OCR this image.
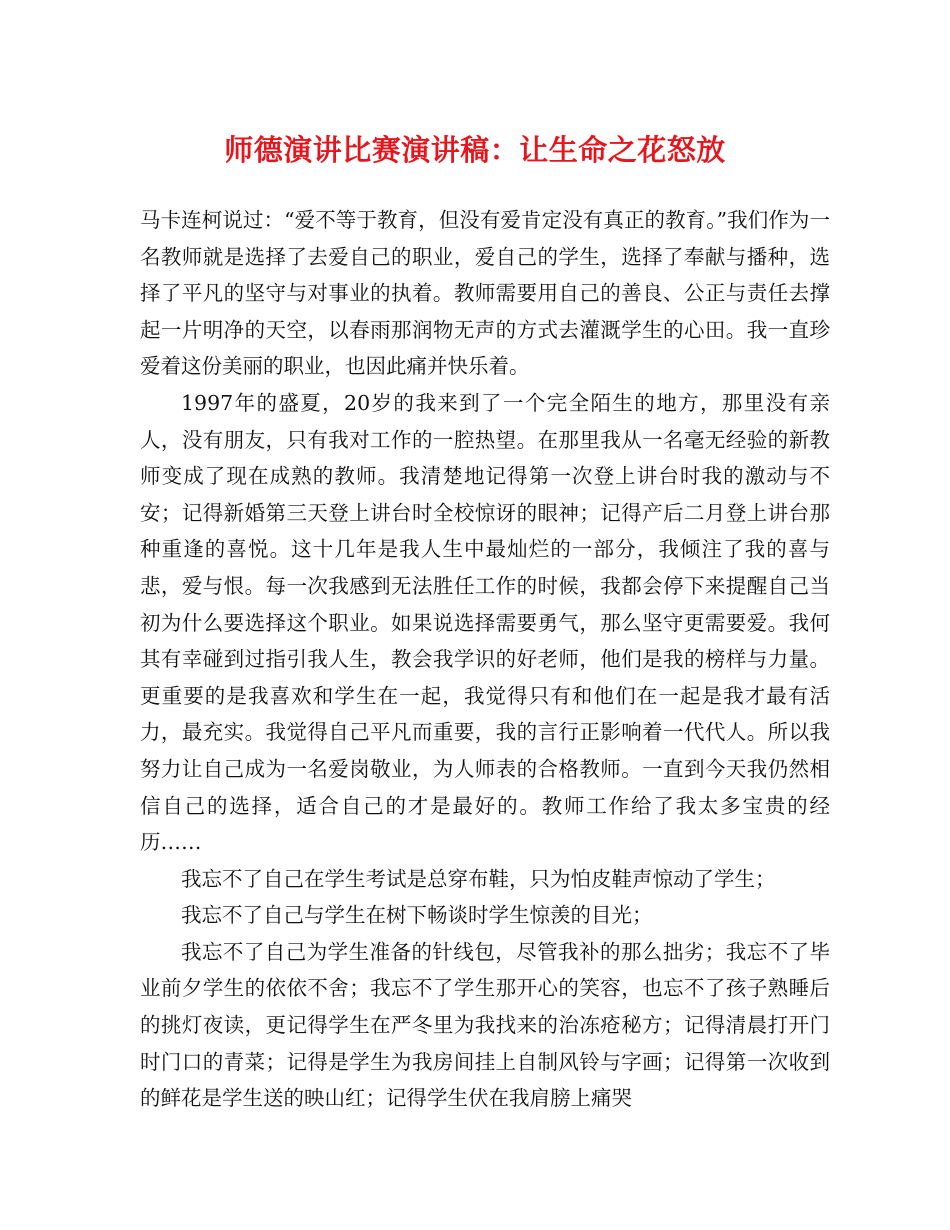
师德演讲比赛演讲稿：让生命之花怒放

马卡连柯说过：“爱不等于教育，但没有爱肯定没有真正的教育。”我们作为一名教师就是选择了去爱自己的职业，爱自己的学生，选择了奉献与播种，选择了平凡的坚守与对事业的执着。教师需要用自己的善良、公正与责任去撑起一片明净的天空，以春雨那润物无声的方式去灌溉学生的心田。我一直珍爱着这份美丽的职业，也因此痛并快乐着。

1997年的盛夏，20岁的我来到了一个完全陌生的地方，那里没有亲人，没有朋友，只有我对工作的一腔热望。在那里我从一名毫无经验的新教师变成了现在成熟的教师。我清楚地记得第一次登上讲台时我的激动与不安；记得新婚第三天登上讲台时全校惊讶的眼神；记得产后二月登上讲台那种重逢的喜悦。这十几年是我人生中最灿烂的一部分，我倾注了我的喜与悲，爱与恨。每一次我感到无法胜任工作的时候，我都会停下来提醒自己当初为什么要选择这个职业。如果说选择需要勇气，那么坚守更需要爱。我何其有幸碰到过指引我人生，教会我学识的好老师，他们是我的榜样与力量。更重要的是我喜欢和学生在一起，我觉得只有和他们在一起是我才最有活力，最充实。我觉得自己平凡而重要，我的言行正影响着一代代人。所以我努力让自己成为一名爱岗敬业，为人师表的合格教师。一直到今天我仍然相信自己的选择，适合自己的才是最好的。教师工作给了我太多宝贵的经历……

我忘不了自己在学生考试是总穿布鞋，只为怕皮鞋声惊动了学生；

我忘不了自己与学生在树下畅谈时学生惊羡的目光；

我忘不了自己为学生准备的针线包，尽管我补的那么拙劣；我忘不了毕业前夕学生的依依不舍；我忘不了学生那开心的笑容，也忘不了孩子熟睡后的挑灯夜读，更记得学生在严冬里为我找来的治冻疮秘方；记得清晨打开门时门口的青菜；记得是学生为我房间挂上自制风铃与字画；记得第一次收到的鲜花是学生送的映山红；记得学生伏在我肩膀上痛哭
